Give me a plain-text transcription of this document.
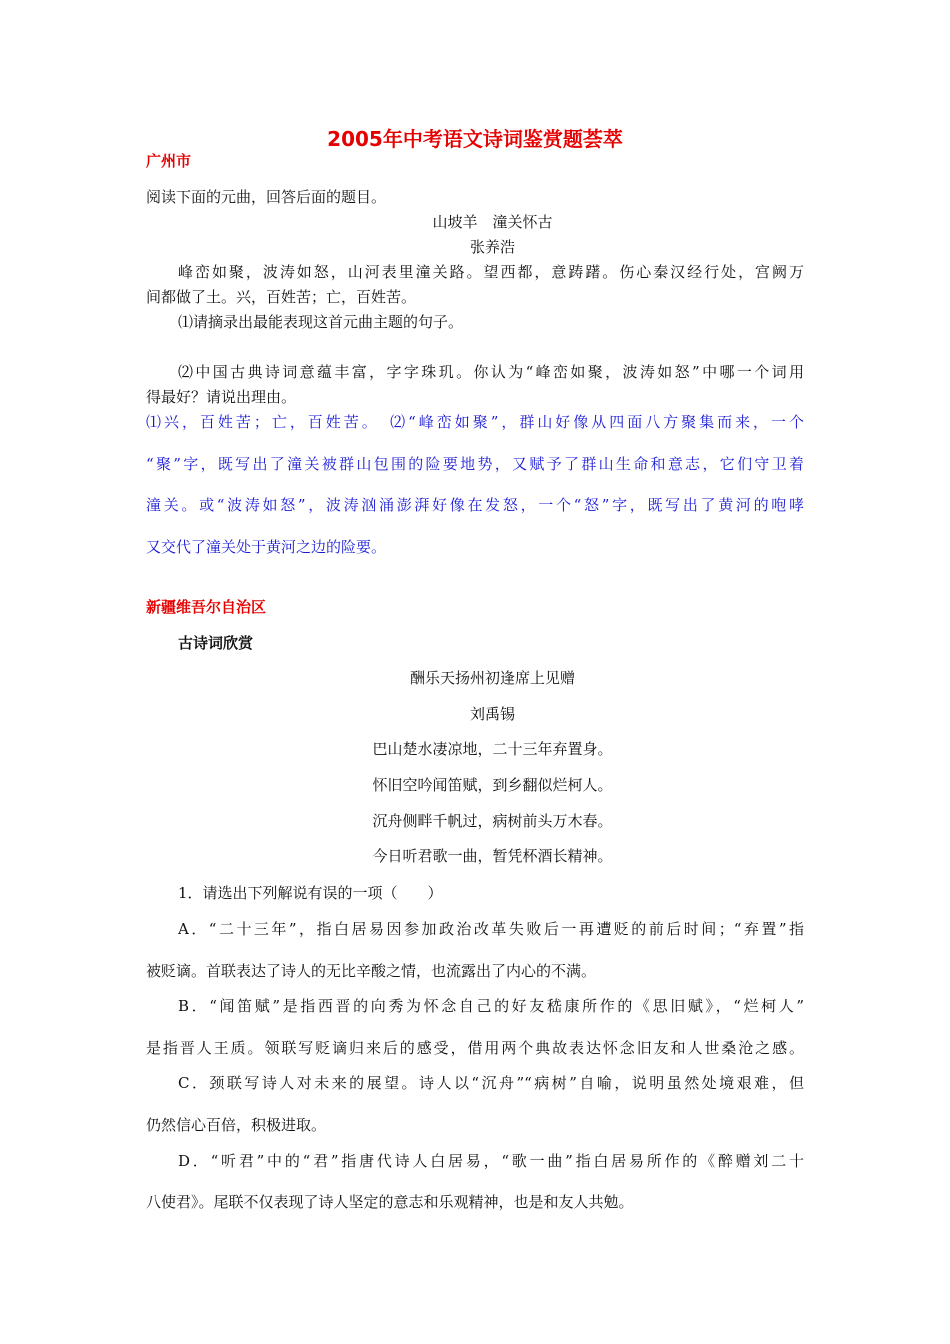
2005年中考语文诗词鉴赏题荟萃
广州市
阅读下面的元曲，回答后面的题目。
山坡羊　潼关怀古
张养浩
峰峦如聚，波涛如怒，山河表里潼关路。望西都，意踌躇。伤心秦汉经行处，宫阙万
间都做了土。兴，百姓苦；亡，百姓苦。
⑴请摘录出最能表现这首元曲主题的句子。
⑵中国古典诗词意蕴丰富，字字珠玑。你认为“峰峦如聚，波涛如怒”中哪一个词用
得最好？请说出理由。
⑴兴，百姓苦；亡，百姓苦。　⑵“峰峦如聚”，群山好像从四面八方聚集而来，一个
“聚”字，既写出了潼关被群山包围的险要地势，又赋予了群山生命和意志，它们守卫着
潼关。或“波涛如怒”，波涛汹涌澎湃好像在发怒，一个“怒”字，既写出了黄河的咆哮
又交代了潼关处于黄河之边的险要。
新疆维吾尔自治区
古诗词欣赏
酬乐天扬州初逢席上见赠
刘禹锡
巴山楚水凄凉地，二十三年弃置身。
怀旧空吟闻笛赋，到乡翻似烂柯人。
沉舟侧畔千帆过，病树前头万木春。
今日听君歌一曲，暂凭杯酒长精神。
1．请选出下列解说有误的一项（　　）
A．“二十三年”，指白居易因参加政治改革失败后一再遭贬的前后时间；“弃置”指
被贬谪。首联表达了诗人的无比辛酸之情，也流露出了内心的不满。
B．“闻笛赋”是指西晋的向秀为怀念自己的好友嵇康所作的《思旧赋》，“烂柯人”
是指晋人王质。领联写贬谪归来后的感受，借用两个典故表达怀念旧友和人世桑沧之感。
C．颈联写诗人对未来的展望。诗人以“沉舟”“病树”自喻，说明虽然处境艰难，但
仍然信心百倍，积极进取。
D．“听君”中的“君”指唐代诗人白居易，“歌一曲”指白居易所作的《醉赠刘二十
八使君》。尾联不仅表现了诗人坚定的意志和乐观精神，也是和友人共勉。
